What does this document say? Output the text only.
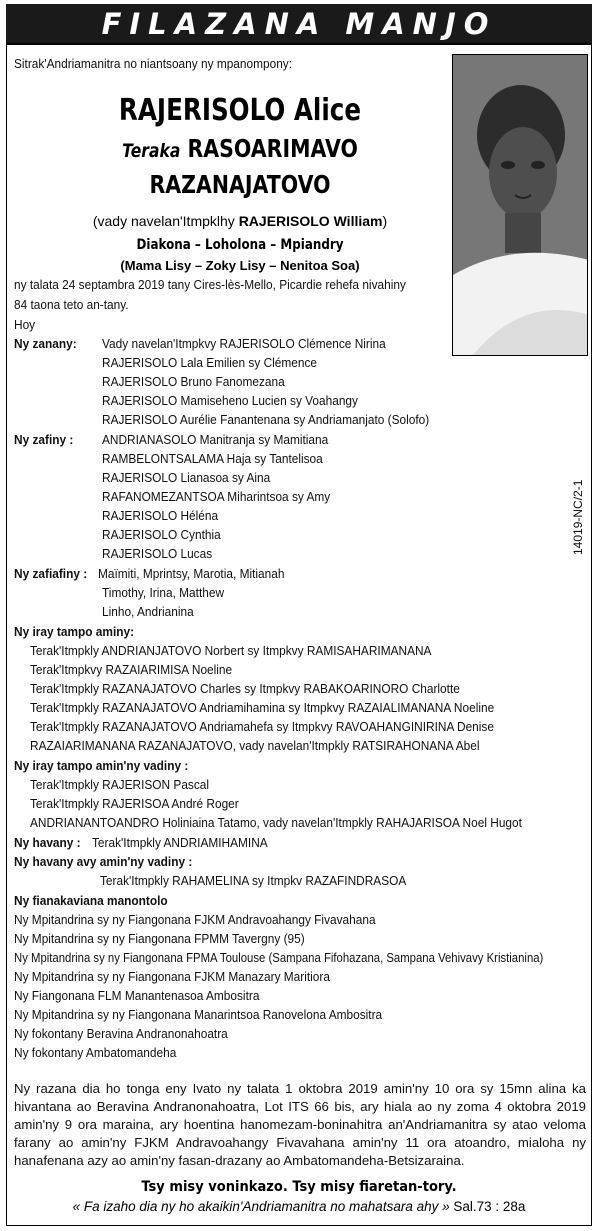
FILAZANA MANJO
Sitrak'Andriamanitra no niantsoany ny mpanompony:
RAJERISOLO Alice
Teraka RASOARIMAVO
RAZANAJATOVO
(vady navelan'Itmpklhy RAJERISOLO William)
Diakona – Loholona – Mpiandry
(Mama Lisy – Zoky Lisy – Nenitoa Soa)
ny talata 24 septambra 2019 tany Cires-lès-Mello, Picardie rehefa nivahiny
84 taona teto an-tany.
Hoy
14019-NC/2-1
Ny zanany: Vady navelan'Itmpkvy RAJERISOLO Clémence Nirina
RAJERISOLO Lala Emilien sy Clémence
RAJERISOLO Bruno Fanomezana
RAJERISOLO Mamiseheno Lucien sy Voahangy
RAJERISOLO Aurélie Fanantenana sy Andriamanjato (Solofo)
Ny zafiny : ANDRIANASOLO Manitranja sy Mamitiana
RAMBELONTSALAMA Haja sy Tantelisoa
RAJERISOLO Lianasoa sy Aina
RAFANOMEZANTSOA Miharintsoa sy Amy
RAJERISOLO Héléna
RAJERISOLO Cynthia
RAJERISOLO Lucas
Ny zafiafiny : Maïmiti, Mprintsy, Marotia, Mitianah
Timothy, Irina, Matthew
Linho, Andrianina
Ny iray tampo aminy:
Terak'Itmpkly ANDRIANJATOVO Norbert sy Itmpkvy RAMISAHARIMANANA
Terak'Itmpkvy RAZAIARIMISA Noeline
Terak'Itmpkly RAZANAJATOVO Charles sy Itmpkvy RABAKOARINORO Charlotte
Terak'Itmpkly RAZANAJATOVO Andriamihamina sy Itmpkvy RAZAIALIMANANA Noeline
Terak'Itmpkly RAZANAJATOVO Andriamahefa sy Itmpkvy RAVOAHANGINIRINA Denise
RAZAIARIMANANA RAZANAJATOVO, vady navelan'Itmpkly RATSIRAHONANA Abel
Ny iray tampo amin'ny vadiny :
Terak'Itmpkly RAJERISON Pascal
Terak'Itmpkly RAJERISOA André Roger
ANDRIANANTOANDRO Holiniaina Tatamo, vady navelan'Itmpkly RAHAJARISOA Noel Hugot
Ny havany : Terak'Itmpkly ANDRIAMIHAMINA
Ny havany avy amin'ny vadiny :
Terak'Itmpkly RAHAMELINA sy Itmpkv RAZAFINDRASOA
Ny fianakaviana manontolo
Ny Mpitandrina sy ny Fiangonana FJKM Andravoahangy Fivavahana
Ny Mpitandrina sy ny Fiangonana FPMM Tavergny (95)
Ny Mpitandrina sy ny Fiangonana FPMA Toulouse (Sampana Fifohazana, Sampana Vehivavy Kristianina)
Ny Mpitandrina sy ny Fiangonana FJKM Manazary Maritiora
Ny Fiangonana FLM Manantenasoa Ambositra
Ny Mpitandrina sy ny Fiangonana Manarintsoa Ranovelona Ambositra
Ny fokontany Beravina Andranonahoatra
Ny fokontany Ambatomandeha
Ny razana dia ho tonga eny Ivato ny talata 1 oktobra 2019 amin'ny 10 ora sy 15mn alina ka hivantana ao Beravina Andranonahoatra, Lot ITS 66 bis, ary hiala ao ny zoma 4 oktobra 2019 amin'ny 9 ora maraina, ary hoentina hanomezam-boninahitra an'Andriamanitra sy atao veloma farany ao amin'ny FJKM Andravoahangy Fivavahana amin'ny 11 ora atoandro, mialoha ny hanafenana azy ao amin'ny fasan-drazany ao Ambatomandeha-Betsizaraina.
Tsy misy voninkazo. Tsy misy fiaretan-tory.
« Fa izaho dia ny ho akaikin'Andriamanitra no mahatsara ahy » Sal.73 : 28a
